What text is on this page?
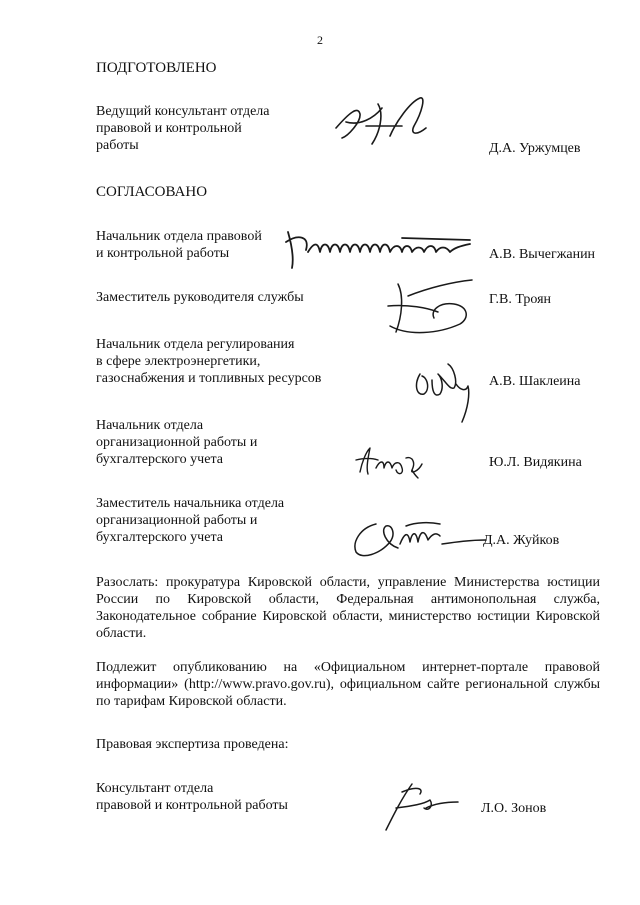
2
ПОДГОТОВЛЕНО
Ведущий консультант отдела
правовой и контрольной
работы	Д.А. Уржумцев
СОГЛАСОВАНО
Начальник отдела правовой
и контрольной работы	А.В. Вычегжанин
Заместитель руководителя службы	Г.В. Троян
Начальник отдела регулирования
в сфере электроэнергетики,
газоснабжения и топливных ресурсов	А.В. Шаклеина
Начальник отдела
организационной работы и
бухгалтерского учета	Ю.Л. Видякина
Заместитель начальника отдела
организационной работы и
бухгалтерского учета	Д.А. Жуйков
Разослать: прокуратура Кировской области, управление Министерства юстиции России по Кировской области, Федеральная антимонопольная служба, Законодательное собрание Кировской области, министерство юстиции Кировской области.
Подлежит опубликованию на «Официальном интернет-портале правовой информации» (http://www.pravo.gov.ru), официальном сайте региональной службы по тарифам Кировской области.
Правовая экспертиза проведена:
Консультант отдела
правовой и контрольной работы	Л.О. Зонов
